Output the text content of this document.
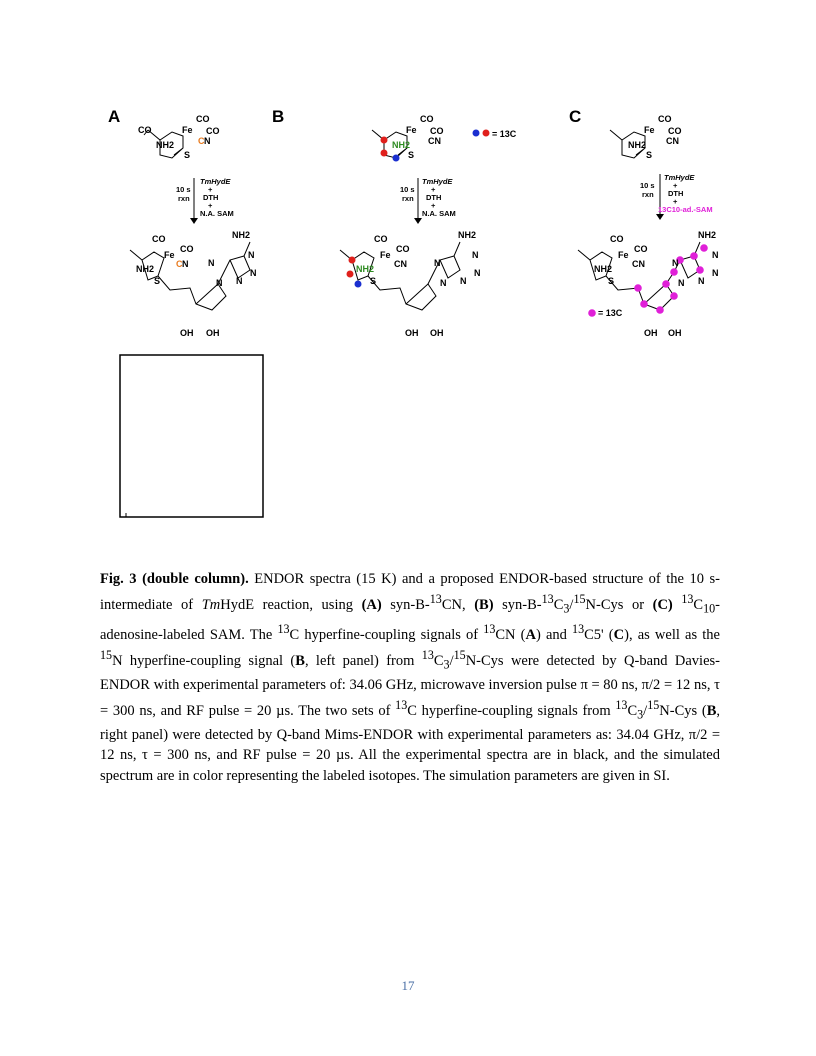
A	B	C
CO
CO
Fe CO
C N
NH2
S
10 s
rxn
TmHydE
+
DTH
+
N.A. SAM
CO
Fe
CO
C N
NH2
S
NH2
OH OH
N
N
N
N
N
CO
Fe CO
CN
NH2
S
= 13C
10 s
rxn
TmHydE
+
DTH
+
N.A. SAM
CO
Fe
CO
CN
NH2
S
NH2
OH OH
N
N
N
N
N
CO
Fe CO
CN
NH2
S
10 s
rxn
TmHydE
+
DTH
+
13C10-ad.-SAM
CO
Fe
CO
CN
NH2
S
NH2
OH OH
N
N
N
N
N
= 13C
Fig. 3 (double column). ENDOR spectra (15 K) and a proposed ENDOR-based structure of the 10 s-intermediate of TmHydE reaction, using (A) syn-B-$^{13}$CN, (B) syn-$B-^{13}C_3/^{15}N$-Cys or (C) $^{13}C_{10}-adenosine$-labeled SAM. The $^{13}$C hyperfine-coupling signals of $^{13}$CN (A) and $^{13}$C5' (C), as well as the $^{15}$N hyperfine-coupling signal (B, left panel) from $^{13}C_3/^{15}N$-Cys were detected by Q-band Davies- ENDOR with experimental parameters of: 34.06 GHz, microwave inversion pulse π = 80 ns, π/2 = 12 ns, τ = 300 ns, and RF pulse = 20 µs. The two sets of $^{13}$C hyperfine-coupling signals from $^{13}C_3/^{15}N$-Cys (B, right panel) were detected by Q-band Mims-ENDOR with experimental parameters as: 34.04 GHz, π/2 = 12 ns, τ = 300 ns, and RF pulse = 20 µs. All the experimental spectra are in black, and the simulated spectrum are in color representing the labeled isotopes. The simulation parameters are given in SI.
17
